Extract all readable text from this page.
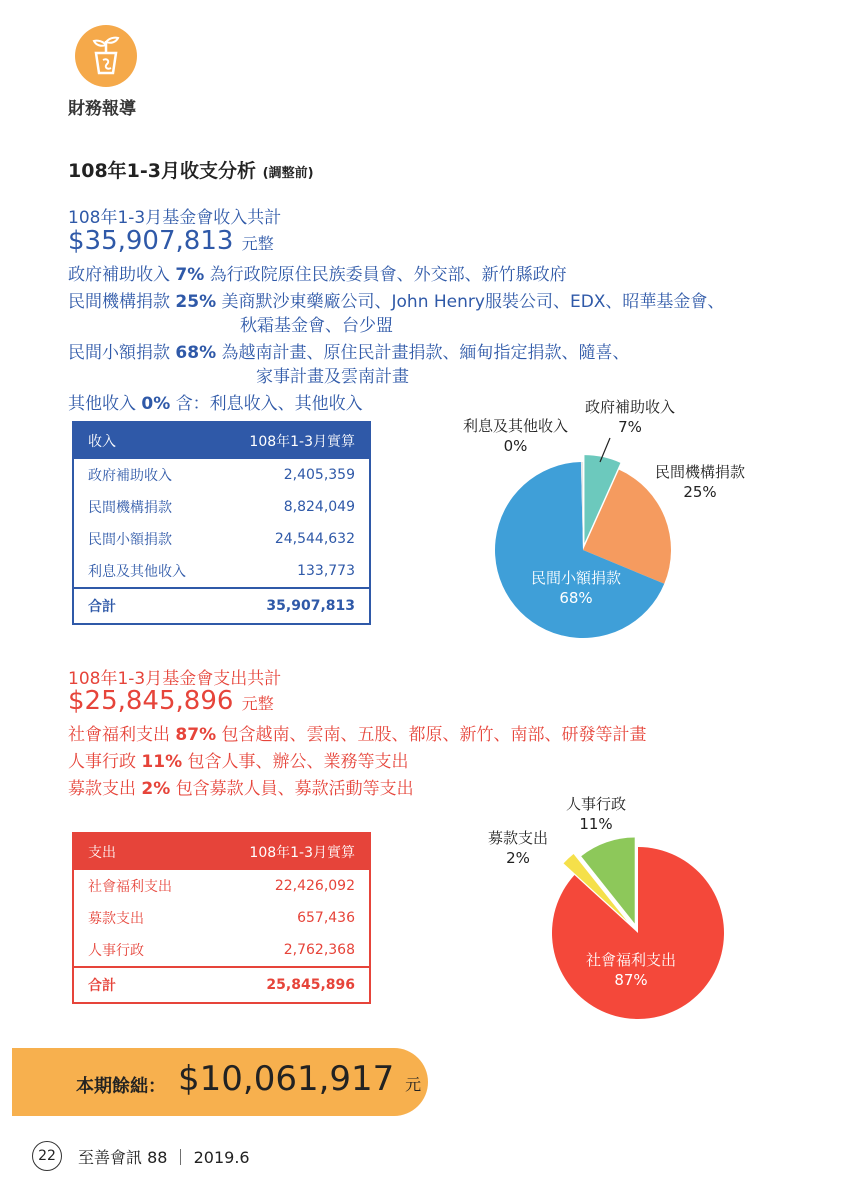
財務報導
108年1-3月收支分析 (調整前)
108年1-3月基金會收入共計
$35,907,813 元整
政府補助收入 7% 為行政院原住民族委員會、外交部、新竹縣政府
民間機構捐款 25% 美商默沙東藥廠公司、John Henry服裝公司、EDX、昭華基金會、
秋霜基金會、台少盟
民間小額捐款 68% 為越南計畫、原住民計畫捐款、緬甸指定捐款、隨喜、
家事計畫及雲南計畫
其他收入 0% 含：利息收入、其他收入
收入	108年1-3月實算
政府補助收入	2,405,359
民間機構捐款	8,824,049
民間小額捐款	24,544,632
利息及其他收入	133,773
合計	35,907,813
利息及其他收入
0%
政府補助收入
7%
民間機構捐款
25%
民間小額捐款
68%
108年1-3月基金會支出共計
$25,845,896 元整
社會福利支出 87% 包含越南、雲南、五股、都原、新竹、南部、研發等計畫
人事行政 11% 包含人事、辦公、業務等支出
募款支出 2% 包含募款人員、募款活動等支出
支出	108年1-3月實算
社會福利支出	22,426,092
募款支出	657,436
人事行政	2,762,368
合計	25,845,896
募款支出
2%
人事行政
11%
社會福利支出
87%
本期餘絀： $10,061,917 元
22	至善會訊 88 ｜ 2019.6
